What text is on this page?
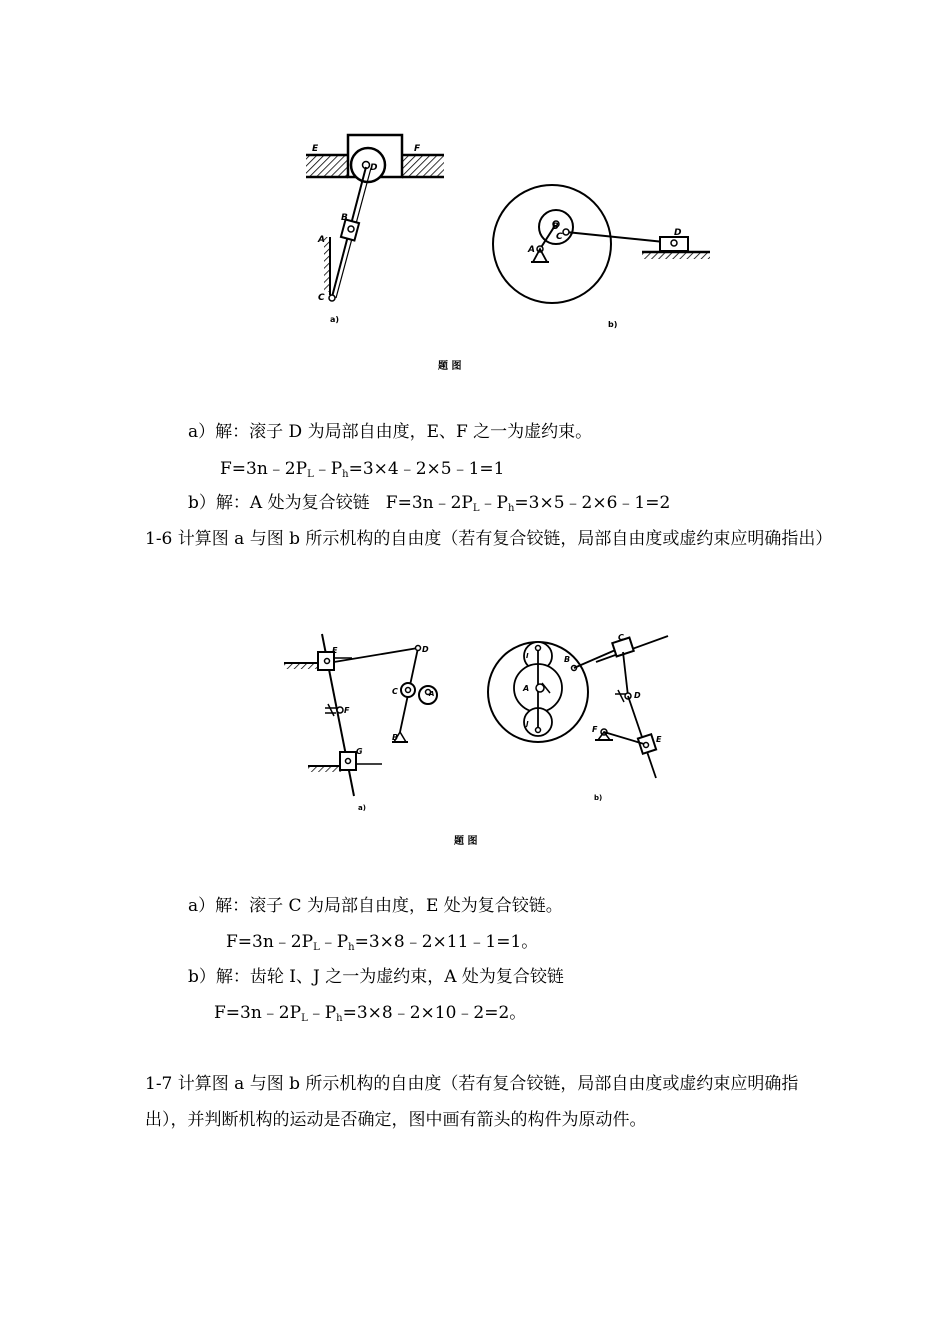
E	F
D
B
A
C
a)
B
A
C	D
b)
题 图
a）解：滚子 D 为局部自由度，E、F 之一为虚约束。
$F=3n﹣2P_L﹣P_h=3\times 4﹣2\times 5﹣1=1$
b）解：A 处为复合铰链 $F=3n﹣2P_L﹣P_h=3\times 5﹣2\times 6﹣1=2$
1-6 计算图 a 与图 b 所示机构的自由度（若有复合铰链，局部自由度或虚约束应明确指出）
E	D
C	A
F
B
G
a)
I
A
J
B
C
D
F
E
b)
题 图
a）解：滚子 C 为局部自由度，E 处为复合铰链。
$F=3n﹣2P_L﹣P_h=3\times 8﹣2\times 11﹣1=1$。
b）解：齿轮 I、J 之一为虚约束，A 处为复合铰链
$F=3n﹣2P_L﹣P_h=3\times 8﹣2\times 10﹣2=2$。
1-7 计算图 a 与图 b 所示机构的自由度（若有复合铰链，局部自由度或虚约束应明确指出），并判断机构的运动是否确定，图中画有箭头的构件为原动件。
